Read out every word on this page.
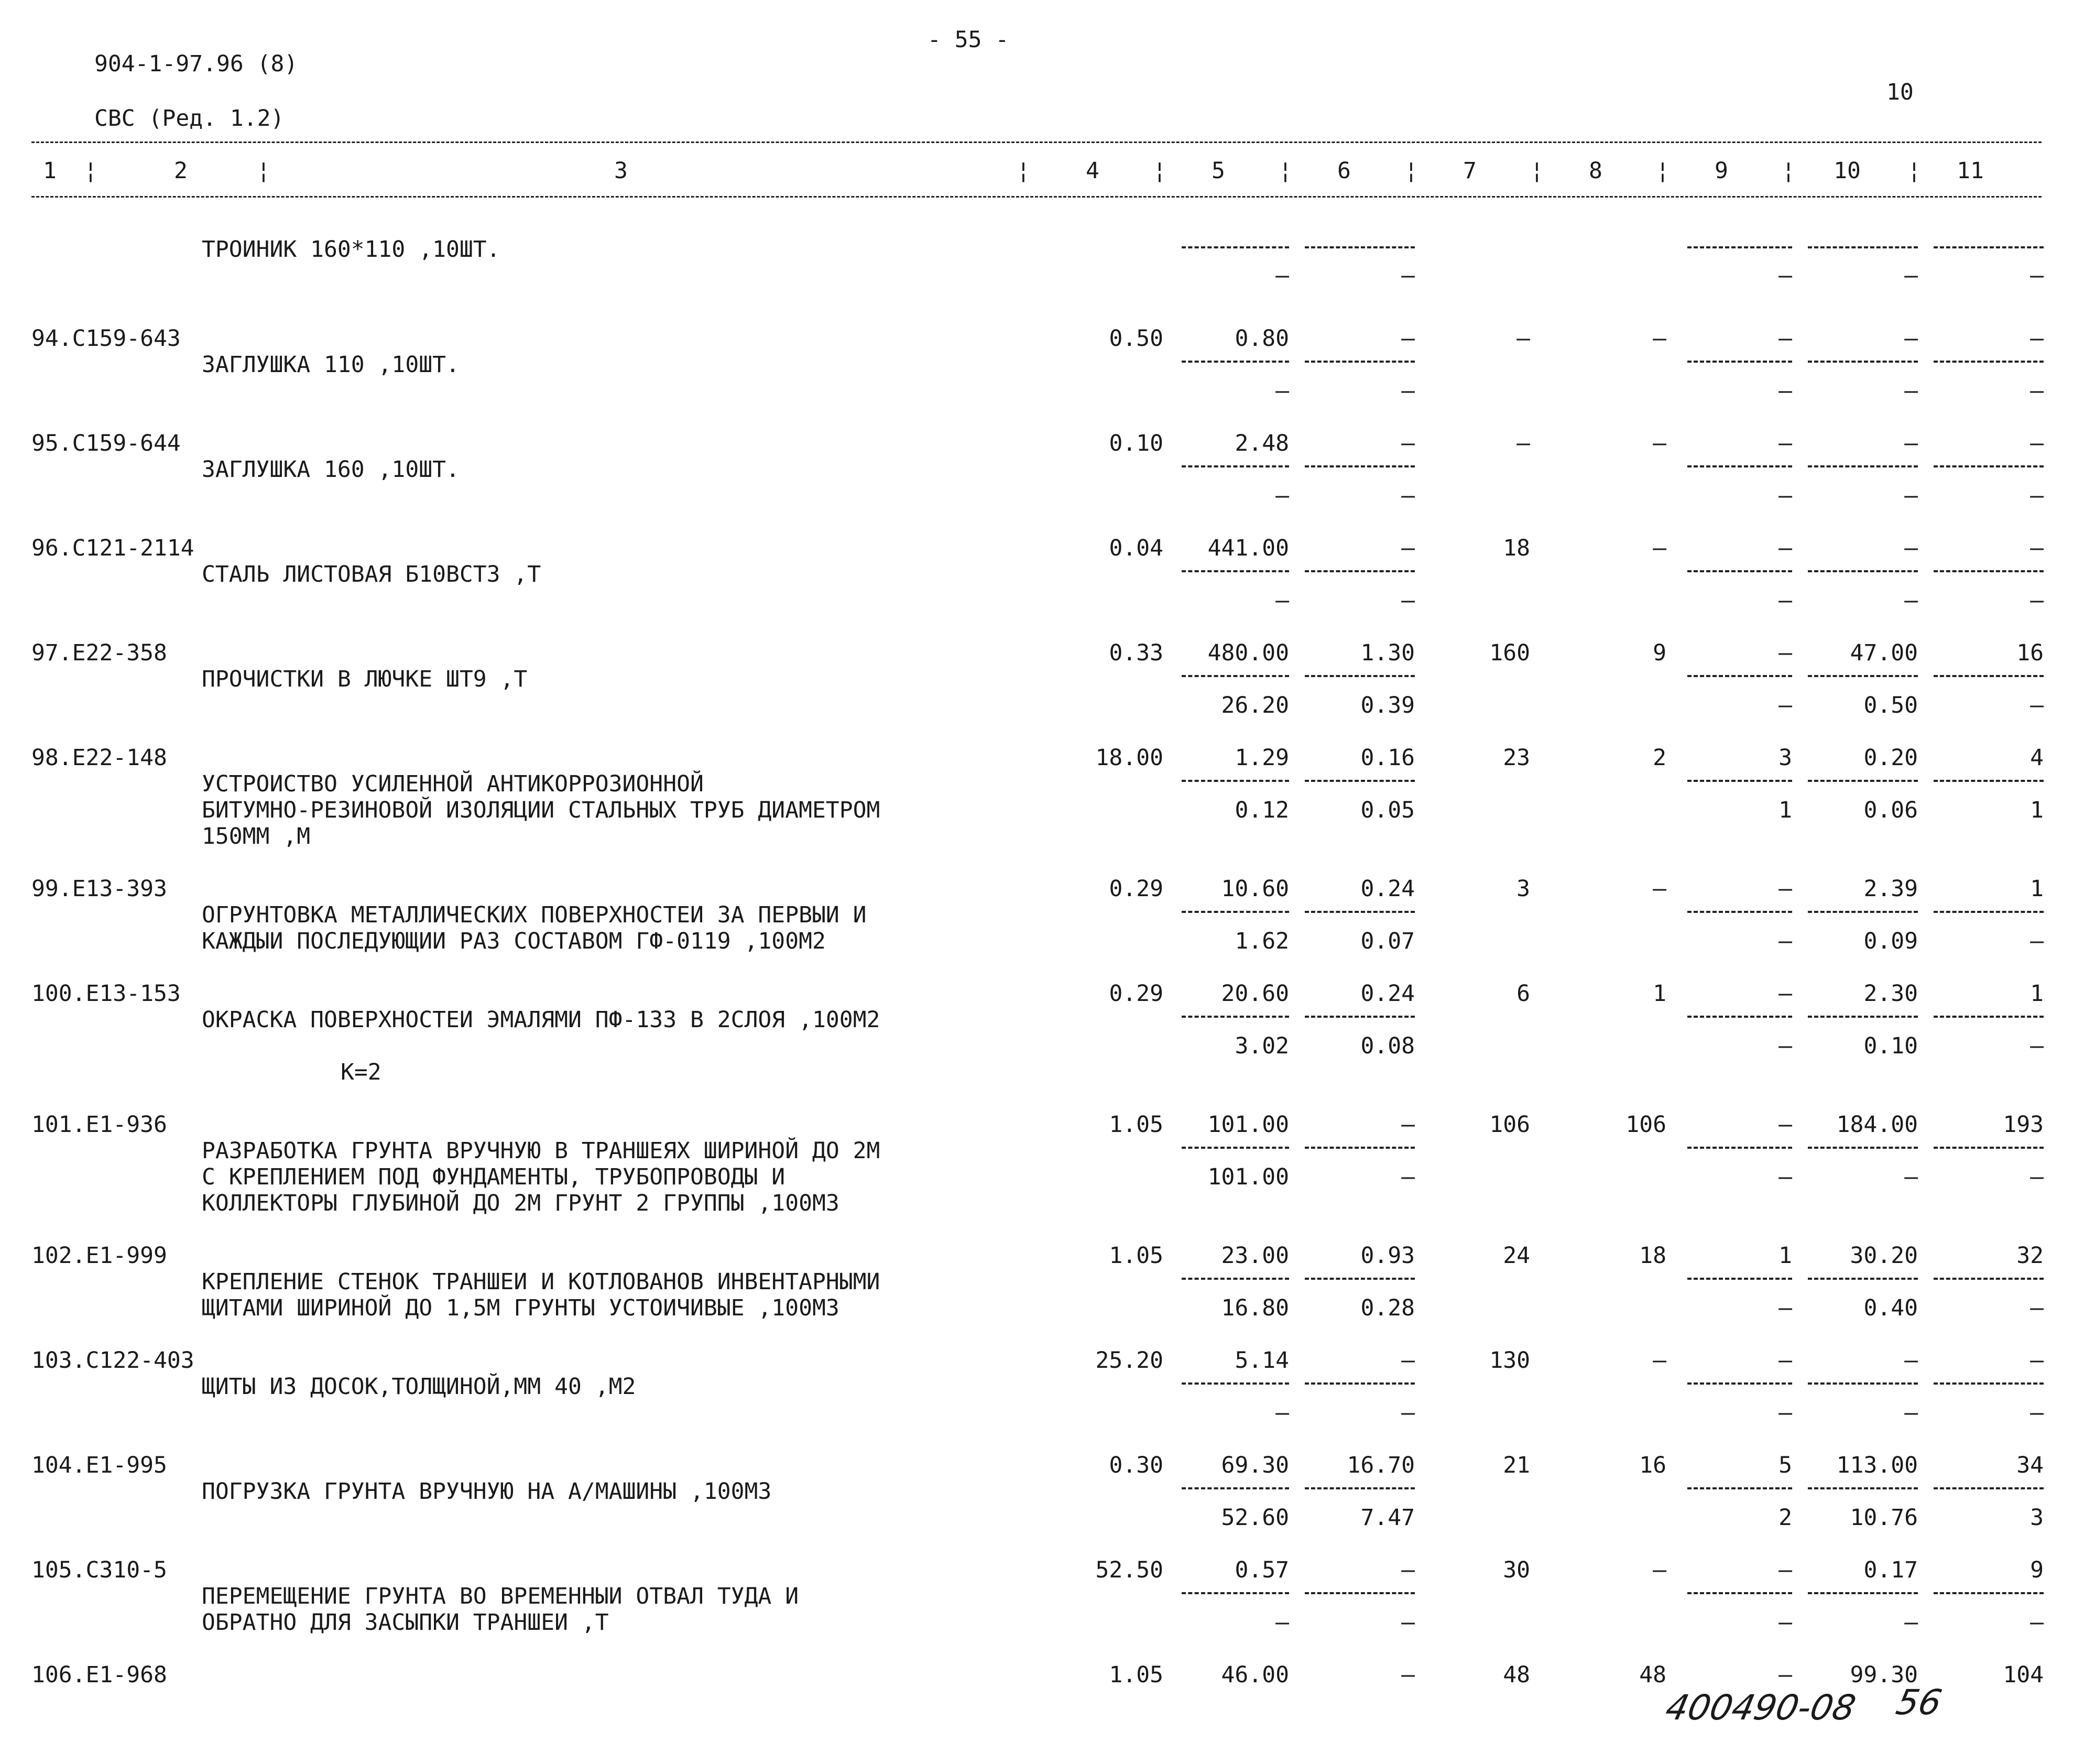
- 55 -
904-1-97.96 (8)
СВС (Ред. 1.2)
10
1	2	3	4	5	6	7	8	9	10	11
¦	¦	¦	¦	¦	¦	¦	¦	¦	¦
ТРОИНИК 160*110 ,10ШТ.
–	–	–	–	–
94.С159-643
ЗАГЛУШКА 110 ,10ШТ.
0.50	0.80	–	–	–	–	–	–
–	–	–	–	–
95.С159-644
ЗАГЛУШКА 160 ,10ШТ.
0.10	2.48	–	–	–	–	–	–
–	–	–	–	–
96.С121-2114
СТАЛЬ ЛИСТОВАЯ Б10ВСТ3 ,Т
0.04	441.00	–	18	–	–	–	–
–	–	–	–	–
97.Е22-358
ПРОЧИСТКИ В ЛЮЧКЕ ШТ9 ,Т
0.33	480.00	1.30	160	9	–	47.00	16
26.20	0.39	–	0.50	–
98.Е22-148
УСТРОИСТВО УСИЛЕННОЙ АНТИКОРРОЗИОННОЙ
БИТУМНО-РЕЗИНОВОЙ ИЗОЛЯЦИИ СТАЛЬНЫХ ТРУБ ДИАМЕТРОМ
150ММ ,М
18.00	1.29	0.16	23	2	3	0.20	4
0.12	0.05	1	0.06	1
99.Е13-393
ОГРУНТОВКА МЕТАЛЛИЧЕСКИХ ПОВЕРХНОСТЕИ ЗА ПЕРВЫИ И
КАЖДЫИ ПОСЛЕДУЮЩИИ РАЗ СОСТАВОМ ГФ-0119 ,100М2
0.29	10.60	0.24	3	–	–	2.39	1
1.62	0.07	–	0.09	–
100.Е13-153
ОКРАСКА ПОВЕРХНОСТЕИ ЭМАЛЯМИ ПФ-133 В 2СЛОЯ ,100М2
0.29	20.60	0.24	6	1	–	2.30	1
3.02	0.08	–	0.10	–
К=2
101.Е1-936
РАЗРАБОТКА ГРУНТА ВРУЧНУЮ В ТРАНШЕЯХ ШИРИНОЙ ДО 2М
С КРЕПЛЕНИЕМ ПОД ФУНДАМЕНТЫ, ТРУБОПРОВОДЫ И
КОЛЛЕКТОРЫ ГЛУБИНОЙ ДО 2М ГРУНТ 2 ГРУППЫ ,100М3
1.05	101.00	–	106	106	–	184.00	193
101.00	–	–	–	–
102.Е1-999
КРЕПЛЕНИЕ СТЕНОК ТРАНШЕИ И КОТЛОВАНОВ ИНВЕНТАРНЫМИ
ЩИТАМИ ШИРИНОЙ ДО 1,5М ГРУНТЫ УСТОИЧИВЫЕ ,100М3
1.05	23.00	0.93	24	18	1	30.20	32
16.80	0.28	–	0.40	–
103.С122-403
ЩИТЫ ИЗ ДОСОК,ТОЛЩИНОЙ,ММ 40 ,М2
25.20	5.14	–	130	–	–	–	–
–	–	–	–	–
104.Е1-995
ПОГРУЗКА ГРУНТА ВРУЧНУЮ НА А/МАШИНЫ ,100М3
0.30	69.30	16.70	21	16	5	113.00	34
52.60	7.47	2	10.76	3
105.С310-5
ПЕРЕМЕЩЕНИЕ ГРУНТА ВО ВРЕМЕННЫИ ОТВАЛ ТУДА И
ОБРАТНО ДЛЯ ЗАСЫПКИ ТРАНШЕИ ,Т
52.50	0.57	–	30	–	–	0.17	9
–	–	–	–	–
106.Е1-968	1.05	46.00	–	48	48	–	99.30	104
400490-08 56
